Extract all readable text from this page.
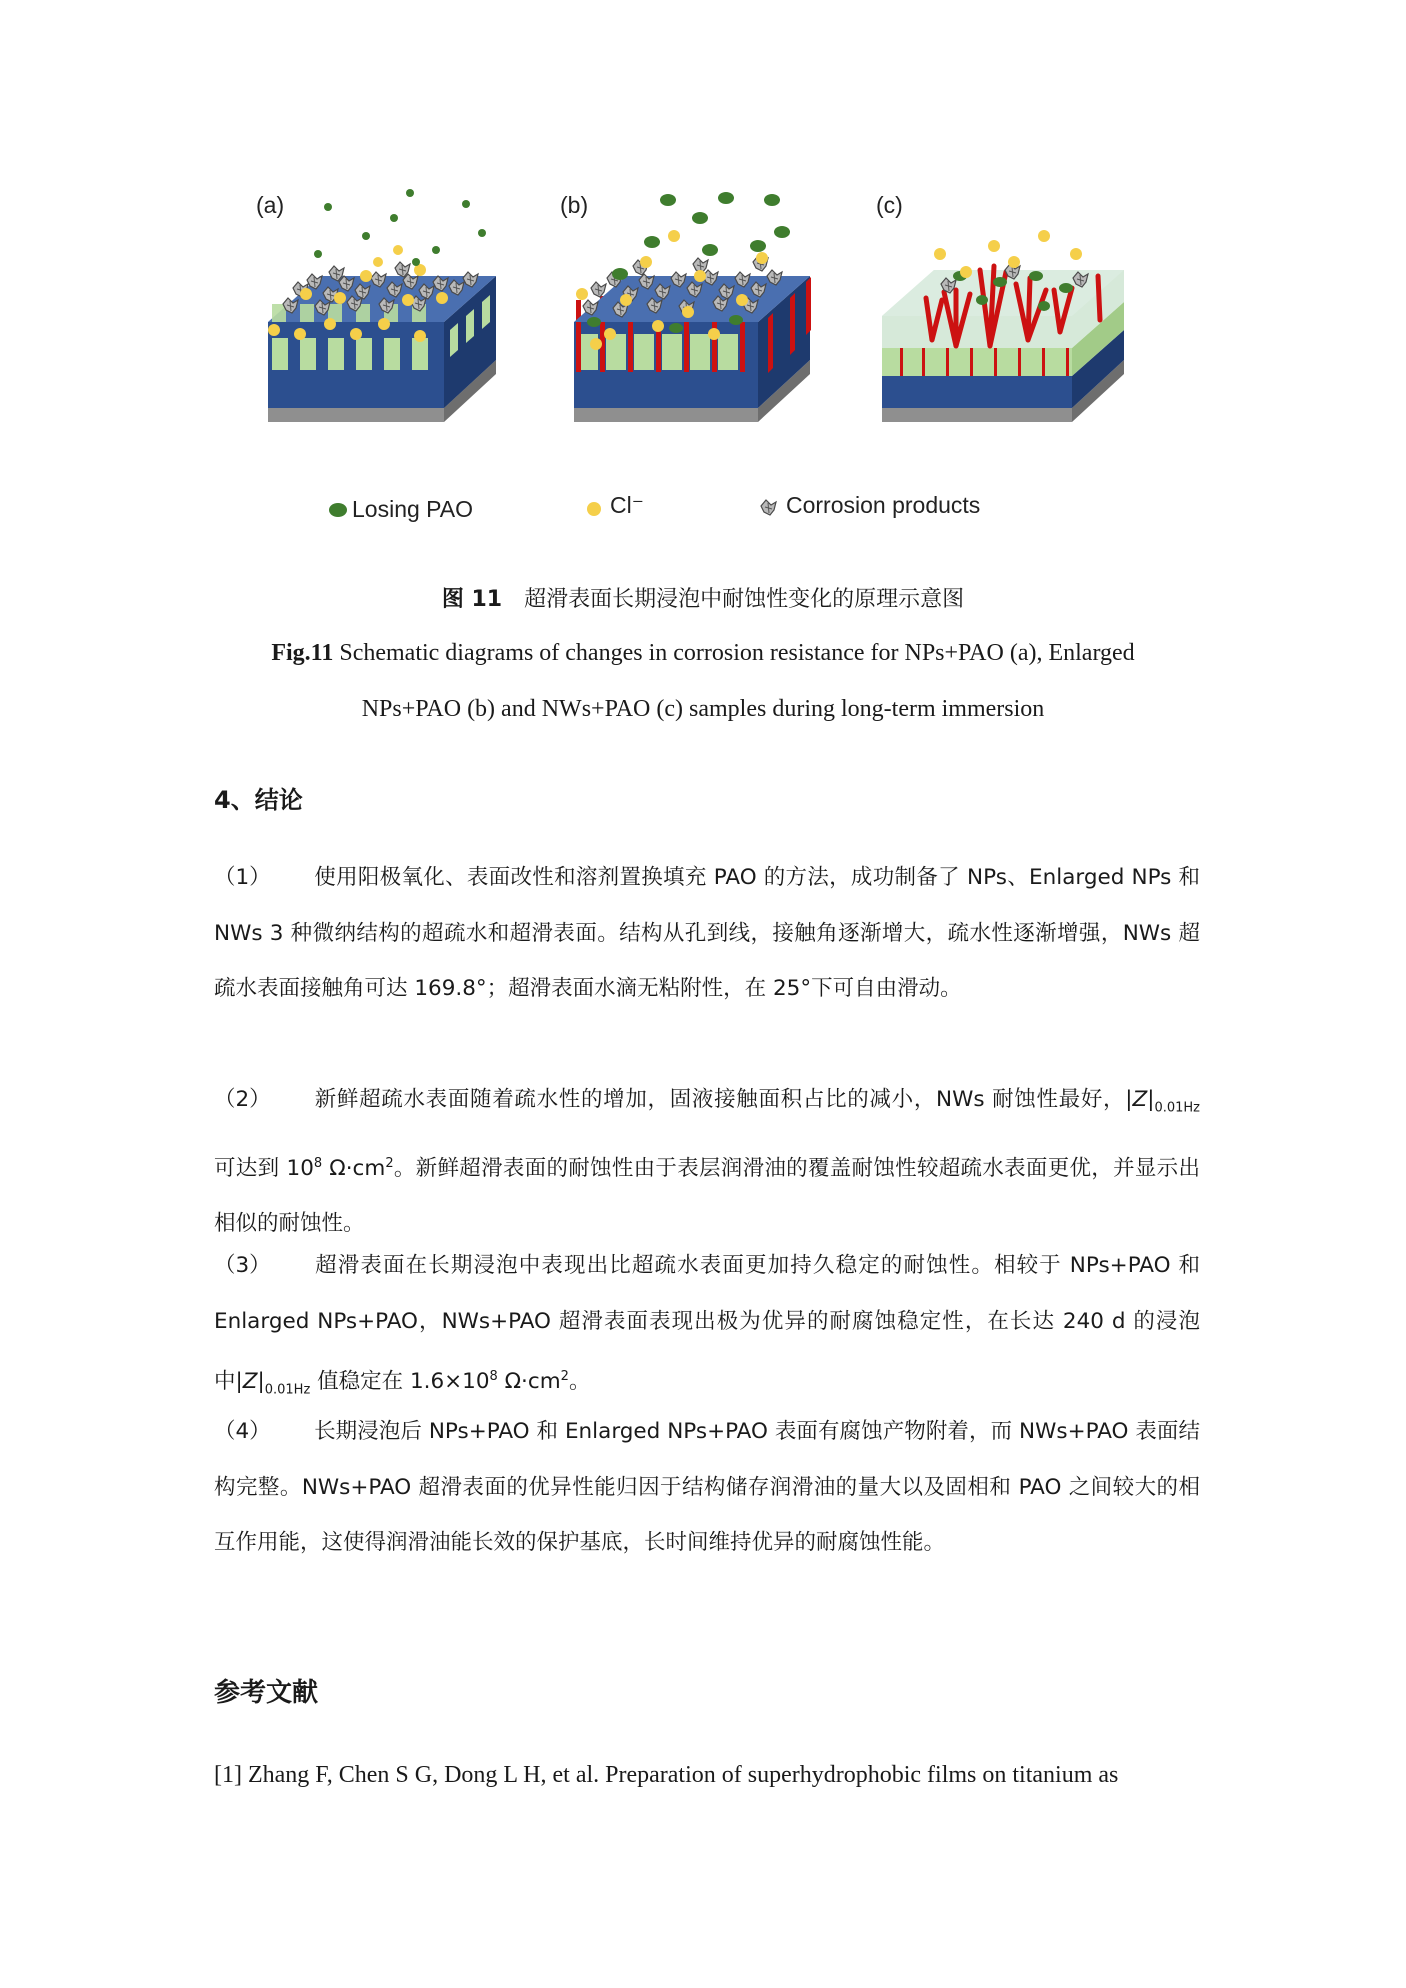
(a)	(b)	(c)
Losing PAO	Cl⁻	Corrosion products
图 11 超滑表面长期浸泡中耐蚀性变化的原理示意图
Fig.11 Schematic diagrams of changes in corrosion resistance for NPs+PAO (a), Enlarged
NPs+PAO (b) and NWs+PAO (c) samples during long-term immersion
4、结论
（1） 使用阳极氧化、表面改性和溶剂置换填充 PAO 的方法，成功制备了 NPs、Enlarged NPs 和 NWs 3 种微纳结构的超疏水和超滑表面。结构从孔到线，接触角逐渐增大，疏水性逐渐增强，NWs 超疏水表面接触角可达 169.8°；超滑表面水滴无粘附性，在 25°下可自由滑动。
（2） 新鲜超疏水表面随着疏水性的增加，固液接触面积占比的减小，NWs 耐蚀性最好，$|Z|_{0.01Hz}$ 可达到 $10^8$ $\Omega\cdot cm^2$。新鲜超滑表面的耐蚀性由于表层润滑油的覆盖耐蚀性较超疏水表面更优，并显示出相似的耐蚀性。
（3） 超滑表面在长期浸泡中表现出比超疏水表面更加持久稳定的耐蚀性。相较于 NPs+PAO 和 Enlarged NPs+PAO，NWs+PAO 超滑表面表现出极为优异的耐腐蚀稳定性，在长达 240 d 的浸泡中$|Z|_{0.01Hz}$ 值稳定在 $1.6\times 10^8$ $\Omega\cdot cm^2$。
（4） 长期浸泡后 NPs+PAO 和 Enlarged NPs+PAO 表面有腐蚀产物附着，而 NWs+PAO 表面结构完整。NWs+PAO 超滑表面的优异性能归因于结构储存润滑油的量大以及固相和 PAO 之间较大的相互作用能，这使得润滑油能长效的保护基底，长时间维持优异的耐腐蚀性能。
参考文献
[1] Zhang F, Chen S G, Dong L H, et al. Preparation of superhydrophobic films on titanium as
